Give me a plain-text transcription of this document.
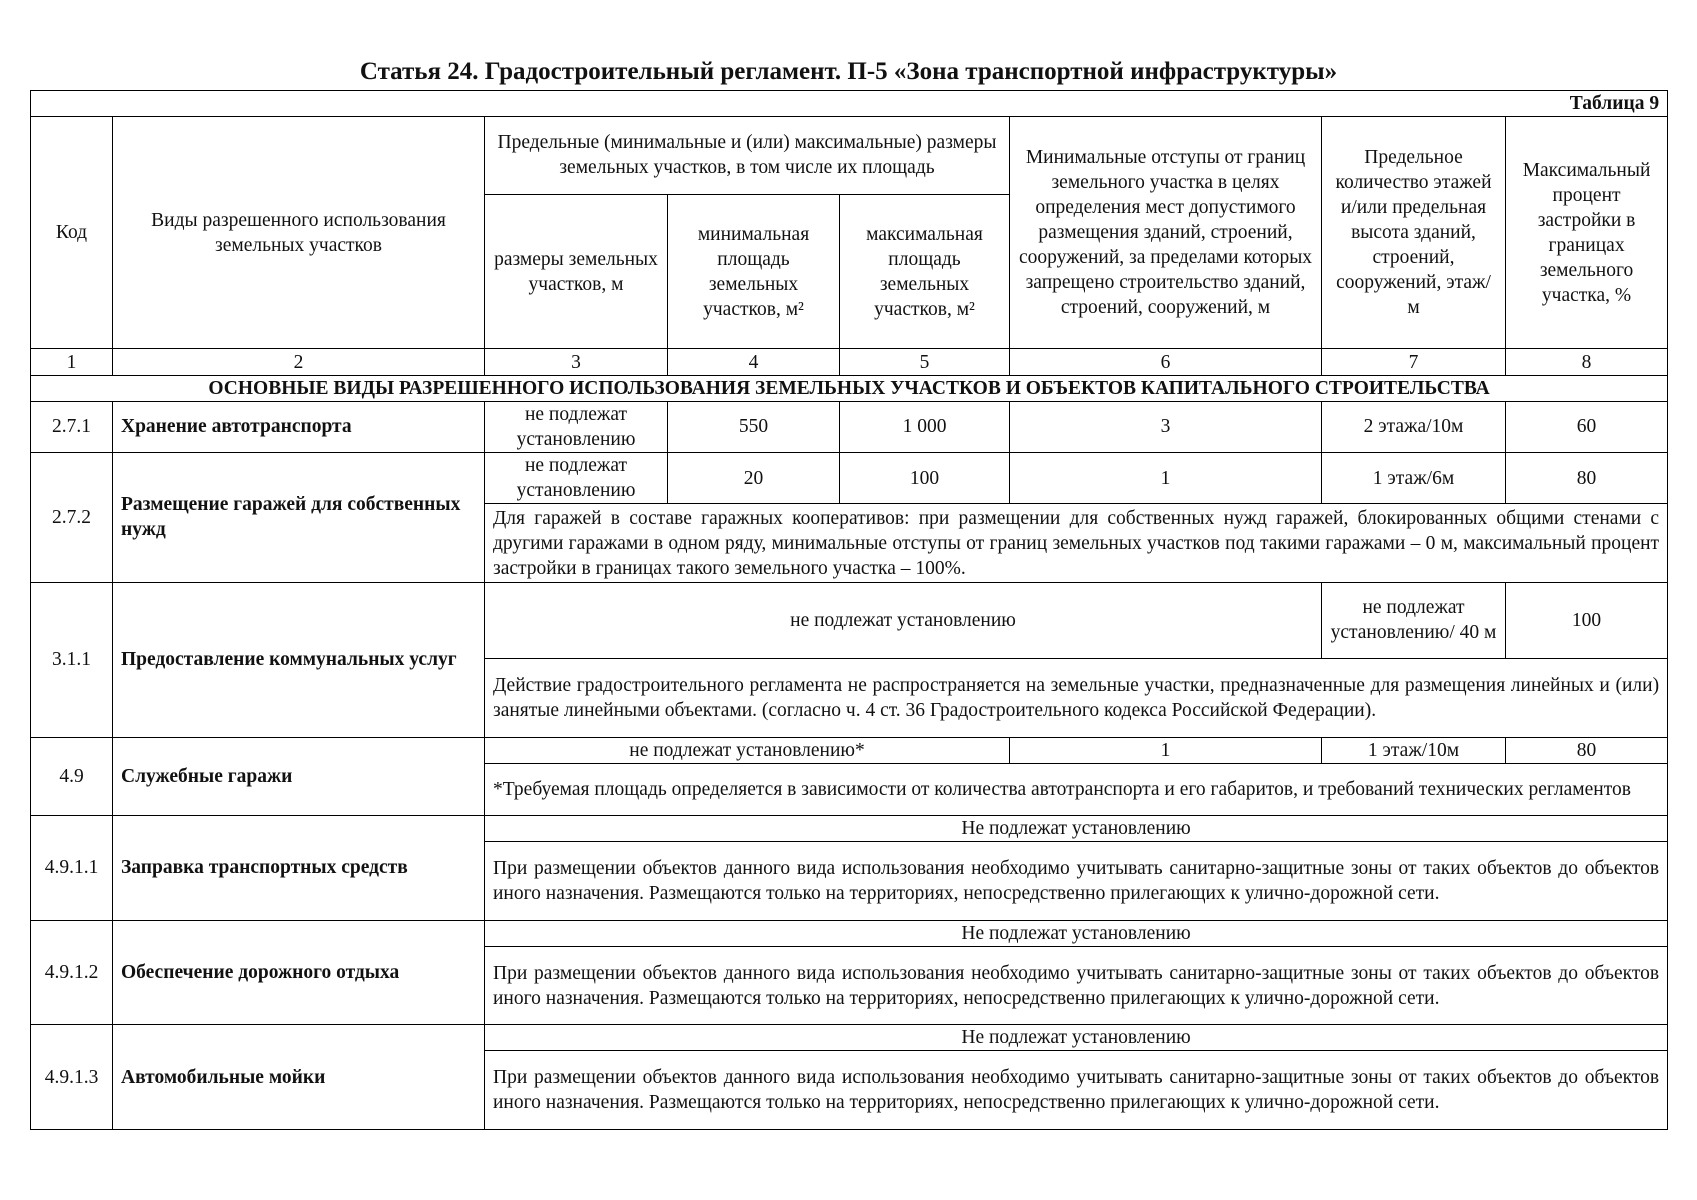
Статья 24. Градостроительный регламент. П-5 «Зона транспортной инфраструктуры»
Таблица 9							
Код	Виды разрешенного использования земельных участков	Предельные (минимальные и (или) максимальные) размеры земельных участков, в том числе их площадь			Минимальные отступы от границ земельного участка в целях определения мест допустимого размещения зданий, строений, сооружений, за пределами которых запрещено строительство зданий, строений, сооружений, м	Предельное количество этажей и/или предельная высота зданий, строений, сооружений, этаж/м	Максимальный процент застройки в границах земельного участка, %
		размеры земельных участков, м	минимальная площадь земельных участков, м²	максимальная площадь земельных участков, м²			
1	2	3	4	5	6	7	8
ОСНОВНЫЕ ВИДЫ РАЗРЕШЕННОГО ИСПОЛЬЗОВАНИЯ ЗЕМЕЛЬНЫХ УЧАСТКОВ И ОБЪЕКТОВ КАПИТАЛЬНОГО СТРОИТЕЛЬСТВА							
2.7.1	Хранение автотранспорта	не подлежат установлению	550	1 000	3	2 этажа/10м	60
2.7.2	Размещение гаражей для собственных нужд	не подлежат установлению	20	100	1	1 этаж/6м	80
		Для гаражей в составе гаражных кооперативов: при размещении для собственных нужд гаражей, блокированных общими стенами с другими гаражами в одном ряду, минимальные отступы от границ земельных участков под такими гаражами – 0 м, максимальный процент застройки в границах такого земельного участка – 100%.					
3.1.1	Предоставление коммунальных услуг	не подлежат установлению				не подлежат установлению/ 40 м	100
		Действие градостроительного регламента не распространяется на земельные участки, предназначенные для размещения линейных и (или) занятые линейными объектами. (согласно ч. 4 ст. 36 Градостроительного кодекса Российской Федерации).					
4.9	Служебные гаражи	не подлежат установлению*			1	1 этаж/10м	80
		*Требуемая площадь определяется в зависимости от количества автотранспорта и его габаритов, и требований технических регламентов					
4.9.1.1	Заправка транспортных средств	Не подлежат установлению					
		При размещении объектов данного вида использования необходимо учитывать санитарно-защитные зоны от таких объектов до объектов иного назначения. Размещаются только на территориях, непосредственно прилегающих к улично-дорожной сети.					
4.9.1.2	Обеспечение дорожного отдыха	Не подлежат установлению					
		При размещении объектов данного вида использования необходимо учитывать санитарно-защитные зоны от таких объектов до объектов иного назначения. Размещаются только на территориях, непосредственно прилегающих к улично-дорожной сети.					
4.9.1.3	Автомобильные мойки	Не подлежат установлению					
		При размещении объектов данного вида использования необходимо учитывать санитарно-защитные зоны от таких объектов до объектов иного назначения. Размещаются только на территориях, непосредственно прилегающих к улично-дорожной сети.					
